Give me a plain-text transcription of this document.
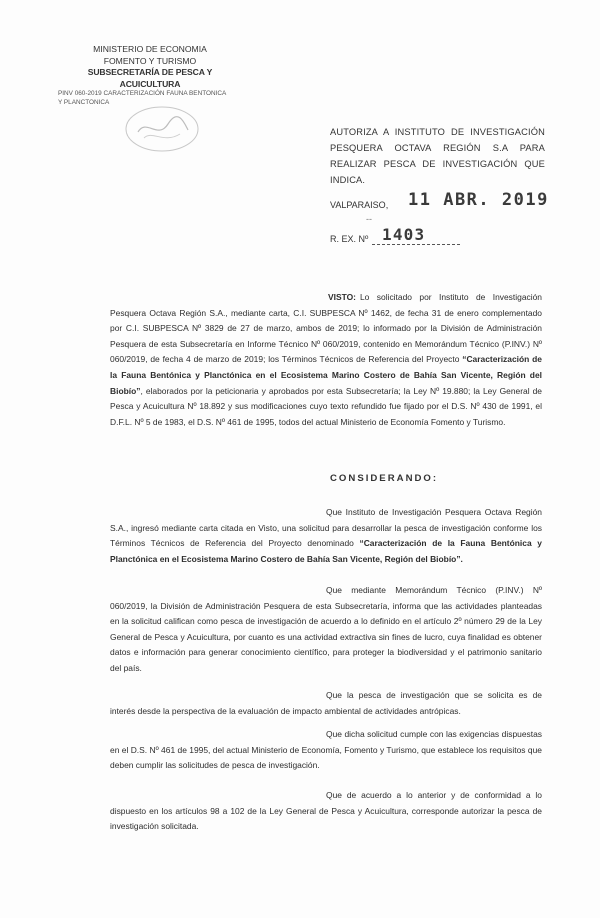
MINISTERIO DE ECONOMIA
FOMENTO Y TURISMO
SUBSECRETARÍA DE PESCA Y ACUICULTURA
PINV 060-2019 CARACTERIZACIÓN FAUNA BENTONICA
Y PLANCTONICA
AUTORIZA A INSTITUTO DE INVESTIGACIÓN PESQUERA OCTAVA REGIÓN S.A PARA REALIZAR PESCA DE INVESTIGACIÓN QUE INDICA.
VALPARAISO, 11 ABR. 2019
--
R. EX. Nº 1403
VISTO: Lo solicitado por Instituto de Investigación Pesquera Octava Región S.A., mediante carta, C.I. SUBPESCA Nº 1462, de fecha 31 de enero complementado por C.I. SUBPESCA Nº 3829 de 27 de marzo, ambos de 2019; lo informado por la División de Administración Pesquera de esta Subsecretaría en Informe Técnico Nº 060/2019, contenido en Memorándum Técnico (P.INV.) Nº 060/2019, de fecha 4 de marzo de 2019; los Términos Técnicos de Referencia del Proyecto “Caracterización de la Fauna Bentónica y Planctónica en el Ecosistema Marino Costero de Bahía San Vicente, Región del Biobío”, elaborados por la peticionaria y aprobados por esta Subsecretaría; la Ley Nº 19.880; la Ley General de Pesca y Acuicultura Nº 18.892 y sus modificaciones cuyo texto refundido fue fijado por el D.S. Nº 430 de 1991, el D.F.L. Nº 5 de 1983, el D.S. Nº 461 de 1995, todos del actual Ministerio de Economía Fomento y Turismo.
CONSIDERANDO:

Que Instituto de Investigación Pesquera Octava Región S.A., ingresó mediante carta citada en Visto, una solicitud para desarrollar la pesca de investigación conforme los Términos Técnicos de Referencia del Proyecto denominado “Caracterización de la Fauna Bentónica y Planctónica en el Ecosistema Marino Costero de Bahía San Vicente, Región del Biobío”.

Que mediante Memorándum Técnico (P.INV.) Nº 060/2019, la División de Administración Pesquera de esta Subsecretaría, informa que las actividades planteadas en la solicitud califican como pesca de investigación de acuerdo a lo definido en el artículo 2º número 29 de la Ley General de Pesca y Acuicultura, por cuanto es una actividad extractiva sin fines de lucro, cuya finalidad es obtener datos e información para generar conocimiento científico, para proteger la biodiversidad y el patrimonio sanitario del país.

Que la pesca de investigación que se solicita es de interés desde la perspectiva de la evaluación de impacto ambiental de actividades antrópicas.

Que dicha solicitud cumple con las exigencias dispuestas en el D.S. Nº 461 de 1995, del actual Ministerio de Economía, Fomento y Turismo, que establece los requisitos que deben cumplir las solicitudes de pesca de investigación.

Que de acuerdo a lo anterior y de conformidad a lo dispuesto en los artículos 98 a 102 de la Ley General de Pesca y Acuicultura, corresponde autorizar la pesca de investigación solicitada.
